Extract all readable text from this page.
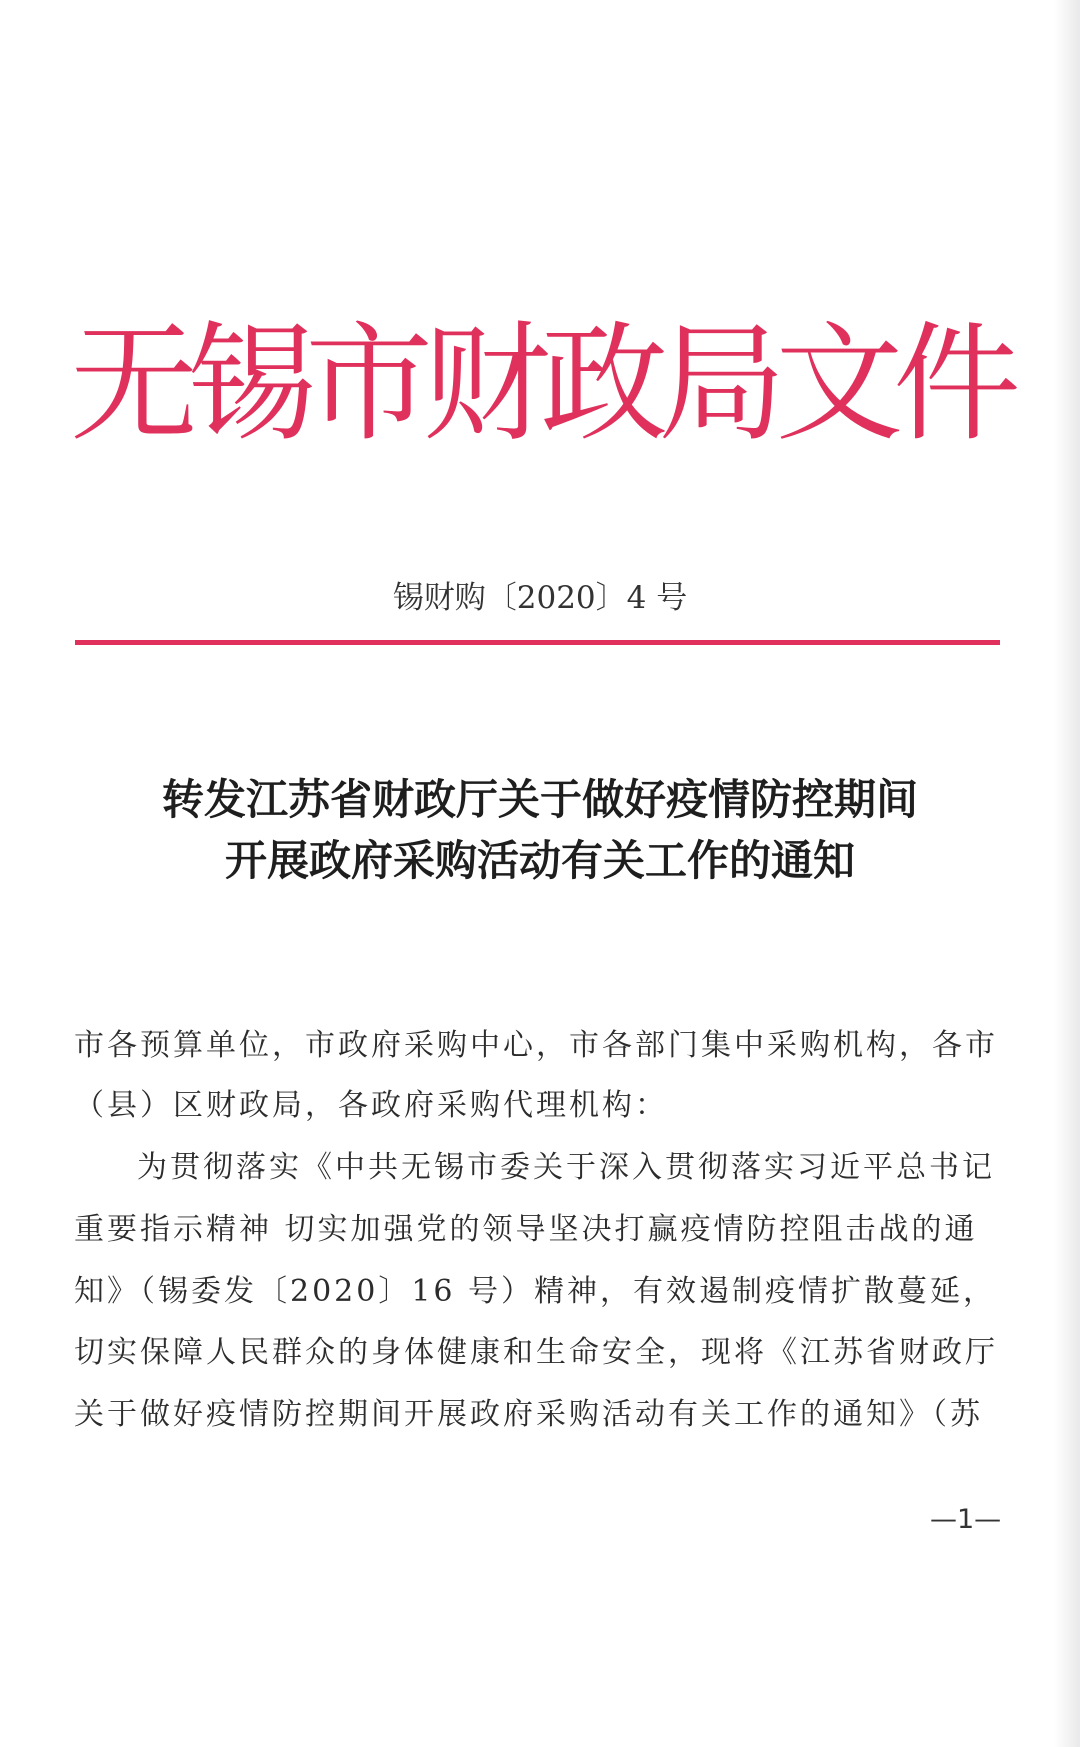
无
锡
市
财
政
局
文
件
锡财购〔2020〕4 号
转发江苏省财政厅关于做好疫情防控期间
开展政府采购活动有关工作的通知
市各预算单位，市政府采购中心，市各部门集中采购机构，各市
（县）区财政局，各政府采购代理机构：
为贯彻落实《中共无锡市委关于深入贯彻落实习近平总书记
重要指示精神 切实加强党的领导坚决打赢疫情防控阻击战的通
知》（锡委发〔2020〕16 号）精神，有效遏制疫情扩散蔓延，
切实保障人民群众的身体健康和生命安全，现将《江苏省财政厅
关于做好疫情防控期间开展政府采购活动有关工作的通知》（苏
—1—
